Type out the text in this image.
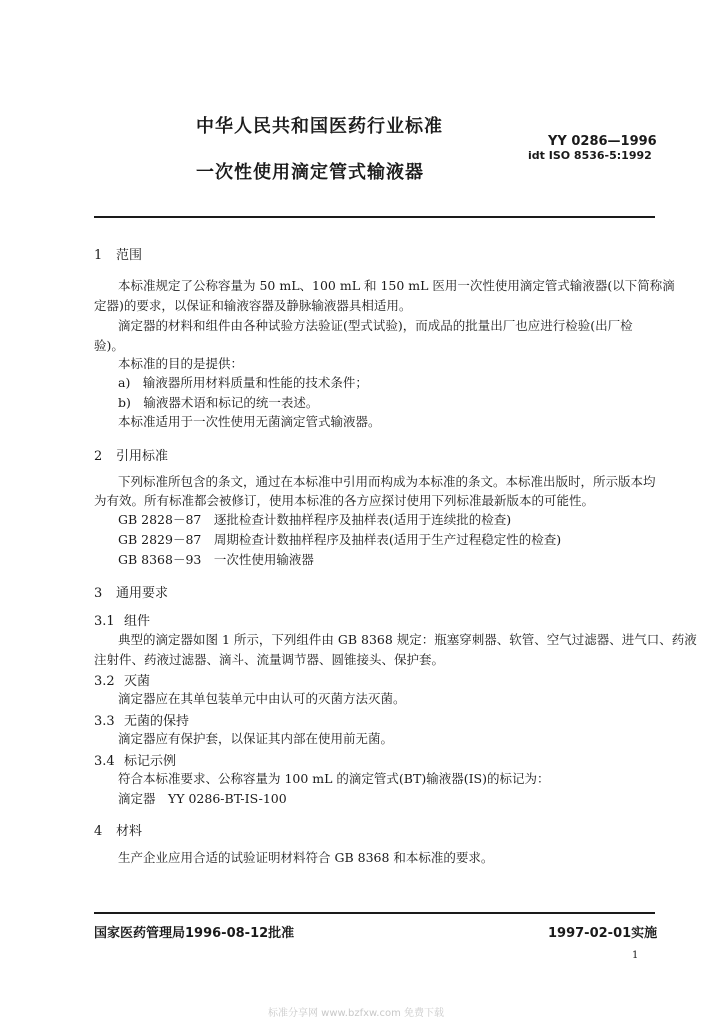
中华人民共和国医药行业标准
一次性使用滴定管式输液器
YY 0286—1996
idt ISO 8536-5:1992
1 范围
本标准规定了公称容量为 50 mL、100 mL 和 150 mL 医用一次性使用滴定管式输液器(以下简称滴
定器)的要求，以保证和输液容器及静脉输液器具相适用。
滴定器的材料和组件由各种试验方法验证(型式试验)，而成品的批量出厂也应进行检验(出厂检
验)。
本标准的目的是提供：
a)　输液器所用材料质量和性能的技术条件；
b)　输液器术语和标记的统一表述。
本标准适用于一次性使用无菌滴定管式输液器。
2 引用标准
下列标准所包含的条文，通过在本标准中引用而构成为本标准的条文。本标准出版时，所示版本均
为有效。所有标准都会被修订，使用本标准的各方应探讨使用下列标准最新版本的可能性。
GB 2828－87　逐批检查计数抽样程序及抽样表(适用于连续批的检查)
GB 2829－87　周期检查计数抽样程序及抽样表(适用于生产过程稳定性的检查)
GB 8368－93　一次性使用输液器
3 通用要求
3.1 组件
典型的滴定器如图 1 所示，下列组件由 GB 8368 规定：瓶塞穿刺器、软管、空气过滤器、进气口、药液
注射件、药液过滤器、滴斗、流量调节器、圆锥接头、保护套。
3.2 灭菌
滴定器应在其单包装单元中由认可的灭菌方法灭菌。
3.3 无菌的保持
滴定器应有保护套，以保证其内部在使用前无菌。
3.4 标记示例
符合本标准要求、公称容量为 100 mL 的滴定管式(BT)输液器(IS)的标记为：
滴定器　YY 0286-BT-IS-100
4 材料
生产企业应用合适的试验证明材料符合 GB 8368 和本标准的要求。
国家医药管理局1996-08-12批准	1997-02-01实施
1
标准分享网 www.bzfxw.com 免费下载
